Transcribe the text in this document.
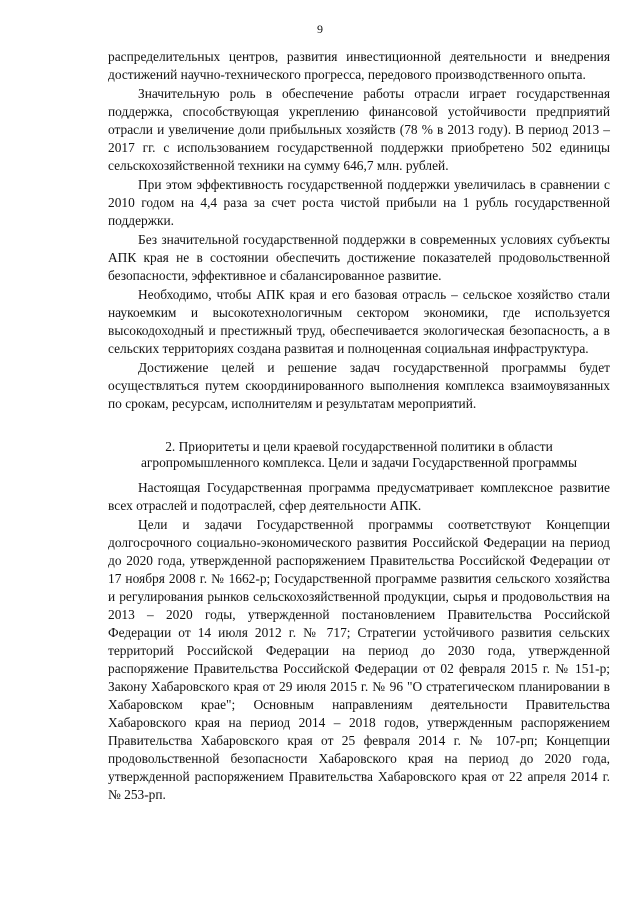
9

распределительных центров, развития инвестиционной деятельности и внедрения достижений научно-технического прогресса, передового производственного опыта.

Значительную роль в обеспечение работы отрасли играет государственная поддержка, способствующая укреплению финансовой устойчивости предприятий отрасли и увеличение доли прибыльных хозяйств (78 % в 2013 году). В период 2013 – 2017 гг. с использованием государственной поддержки приобретено 502 единицы сельскохозяйственной техники на сумму 646,7 млн. рублей.

При этом эффективность государственной поддержки увеличилась в сравнении с 2010 годом на 4,4 раза за счет роста чистой прибыли на 1 рубль государственной поддержки.

Без значительной государственной поддержки в современных условиях субъекты АПК края не в состоянии обеспечить достижение показателей продовольственной безопасности, эффективное и сбалансированное развитие.

Необходимо, чтобы АПК края и его базовая отрасль – сельское хозяйство стали наукоемким и высокотехнологичным сектором экономики, где используется высокодоходный и престижный труд, обеспечивается экологическая безопасность, а в сельских территориях создана развитая и полноценная социальная инфраструктура.

Достижение целей и решение задач государственной программы будет осуществляться путем скоординированного выполнения комплекса взаимоувязанных по срокам, ресурсам, исполнителям и результатам мероприятий.

2. Приоритеты и цели краевой государственной политики в области
агропромышленного комплекса. Цели и задачи Государственной программы

Настоящая Государственная программа предусматривает комплексное развитие всех отраслей и подотраслей, сфер деятельности АПК.

Цели и задачи Государственной программы соответствуют Концепции долгосрочного социально-экономического развития Российской Федерации на период до 2020 года, утвержденной распоряжением Правительства Российской Федерации от 17 ноября 2008 г. № 1662-р; Государственной программе развития сельского хозяйства и регулирования рынков сельскохозяйственной продукции, сырья и продовольствия на 2013 – 2020 годы, утвержденной постановлением Правительства Российской Федерации от 14 июля 2012 г. № 717; Стратегии устойчивого развития сельских территорий Российской Федерации на период до 2030 года, утвержденной распоряжение Правительства Российской Федерации от 02 февраля 2015 г. № 151-р; Закону Хабаровского края от 29 июля 2015 г. № 96 "О стратегическом планировании в Хабаровском крае"; Основным направлениям деятельности Правительства Хабаровского края на период 2014 – 2018 годов, утвержденным распоряжением Правительства Хабаровского края от 25 февраля 2014 г. № 107-рп; Концепции продовольственной безопасности Хабаровского края на период до 2020 года, утвержденной распоряжением Правительства Хабаровского края от 22 апреля 2014 г. № 253-рп.
